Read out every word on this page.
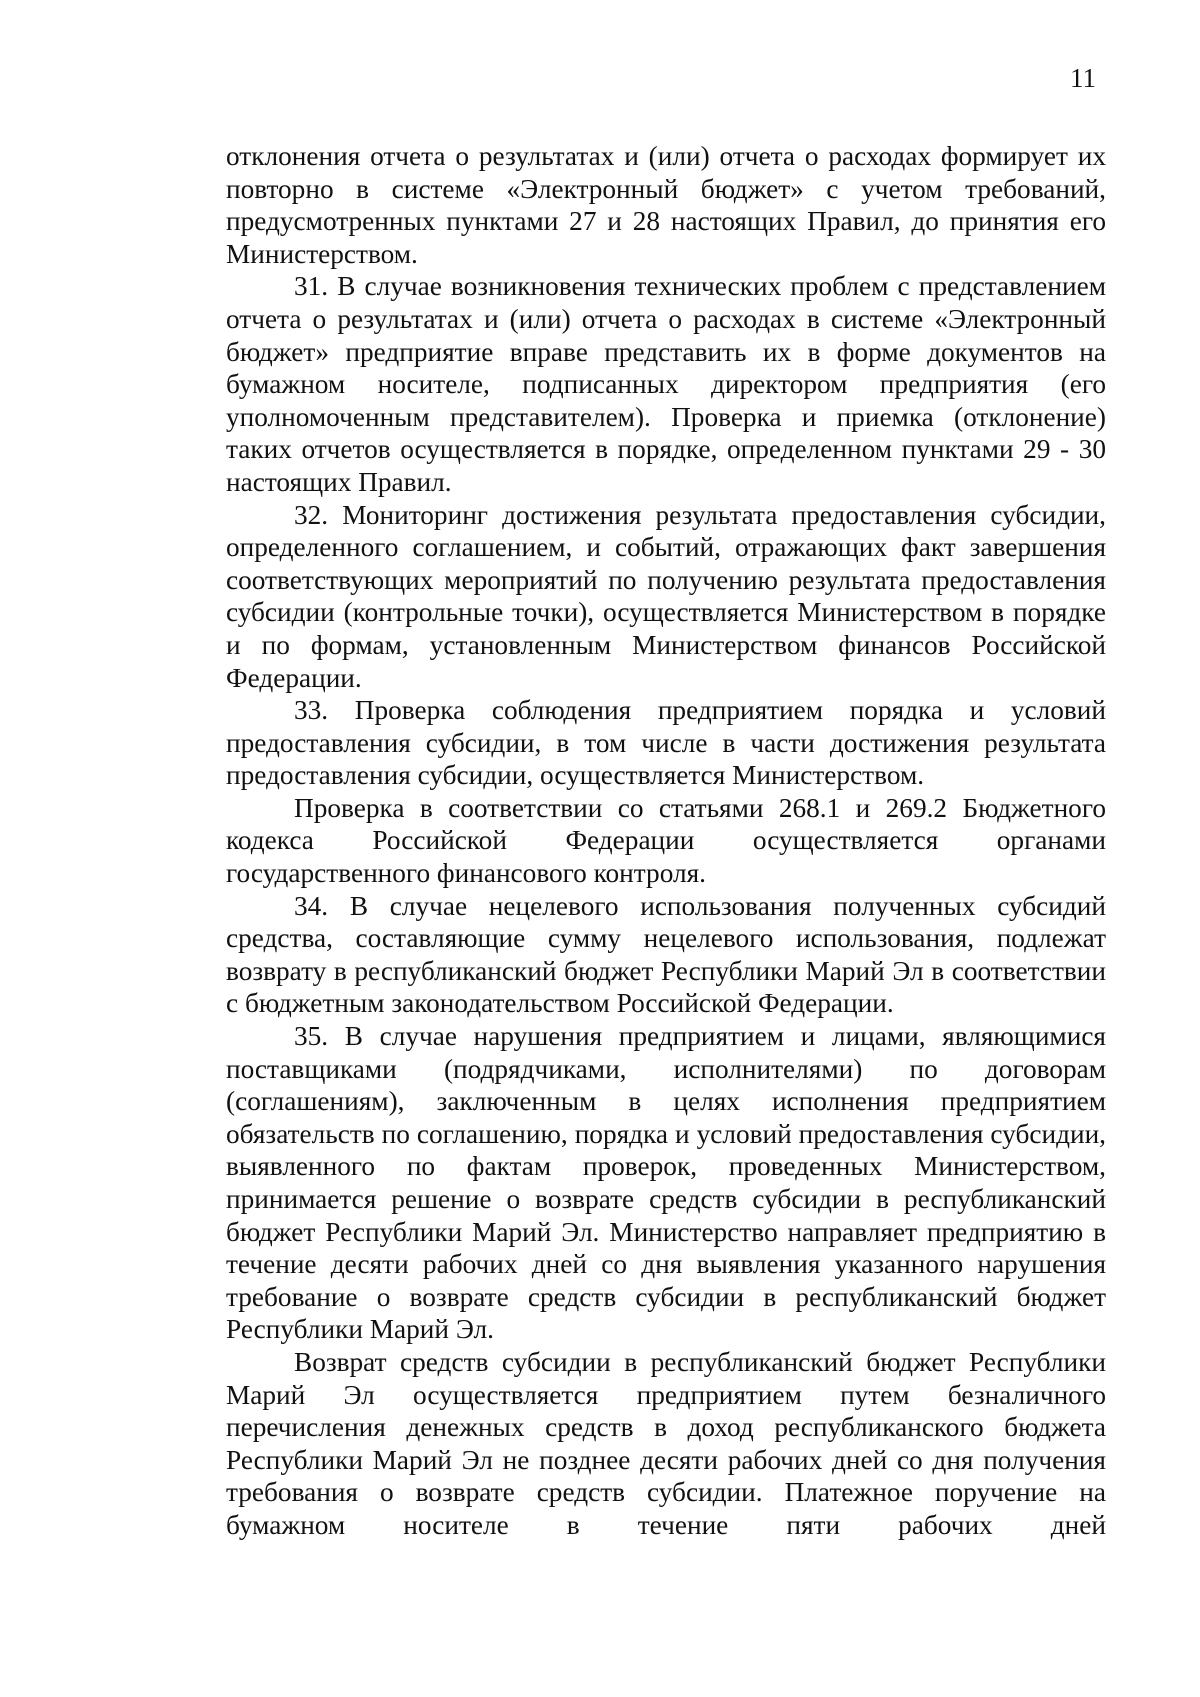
11

отклонения отчета о результатах и (или) отчета о расходах формирует их повторно в системе «Электронный бюджет» с учетом требований, предусмотренных пунктами 27 и 28 настоящих Правил, до принятия его Министерством.

31. В случае возникновения технических проблем с представлением отчета о результатах и (или) отчета о расходах в системе «Электронный бюджет» предприятие вправе представить их в форме документов на бумажном носителе, подписанных директором предприятия (его уполномоченным представителем). Проверка и приемка (отклонение) таких отчетов осуществляется в порядке, определенном пунктами 29 - 30 настоящих Правил.

32. Мониторинг достижения результата предоставления субсидии, определенного соглашением, и событий, отражающих факт завершения соответствующих мероприятий по получению результата предоставления субсидии (контрольные точки), осуществляется Министерством в порядке и по формам, установленным Министерством финансов Российской Федерации.

33. Проверка соблюдения предприятием порядка и условий предоставления субсидии, в том числе в части достижения результата предоставления субсидии, осуществляется Министерством.

Проверка в соответствии со статьями 268.1 и 269.2 Бюджетного кодекса Российской Федерации осуществляется органами государственного финансового контроля.

34. В случае нецелевого использования полученных субсидий средства, составляющие сумму нецелевого использования, подлежат возврату в республиканский бюджет Республики Марий Эл в соответствии с бюджетным законодательством Российской Федерации.

35. В случае нарушения предприятием и лицами, являющимися поставщиками (подрядчиками, исполнителями) по договорам (соглашениям), заключенным в целях исполнения предприятием обязательств по соглашению, порядка и условий предоставления субсидии, выявленного по фактам проверок, проведенных Министерством, принимается решение о возврате средств субсидии в республиканский бюджет Республики Марий Эл. Министерство направляет предприятию в течение десяти рабочих дней со дня выявления указанного нарушения требование о возврате средств субсидии в республиканский бюджет Республики Марий Эл.

Возврат средств субсидии в республиканский бюджет Республики Марий Эл осуществляется предприятием путем безналичного перечисления денежных средств в доход республиканского бюджета Республики Марий Эл не позднее десяти рабочих дней со дня получения требования о возврате средств субсидии. Платежное поручение на бумажном носителе в течение пяти рабочих дней
